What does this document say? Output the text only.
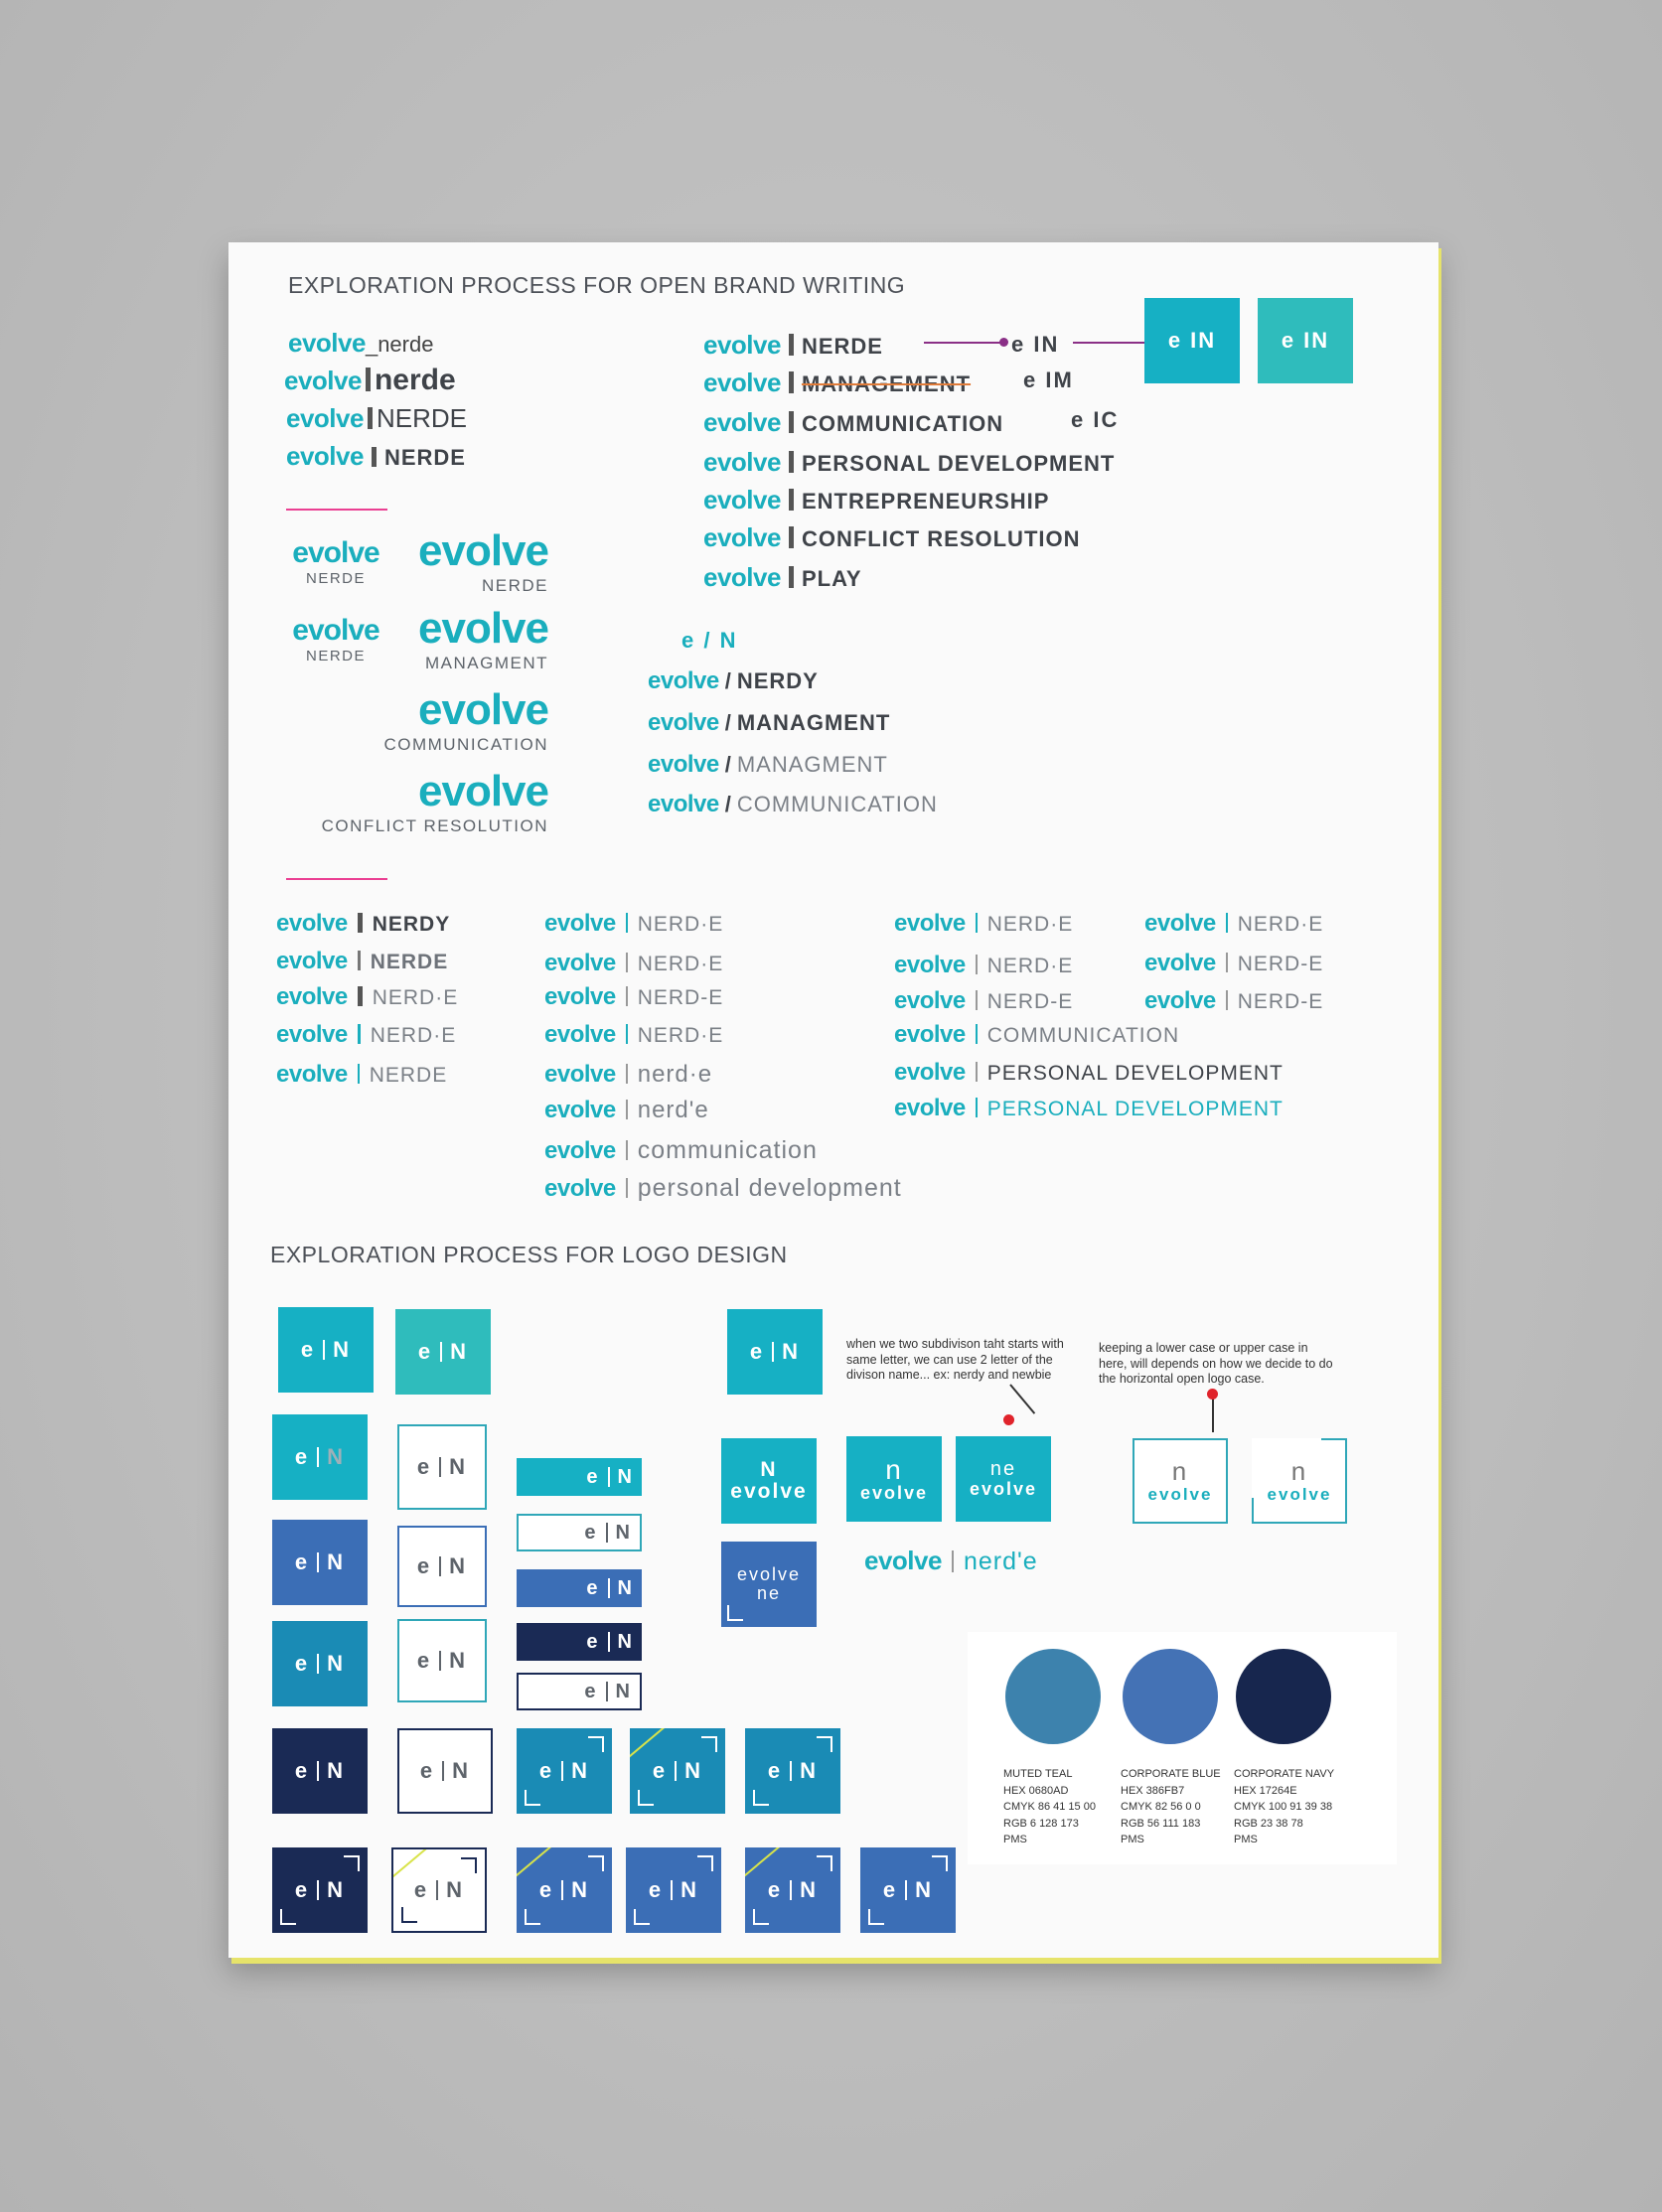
EXPLORATION PROCESS FOR OPEN BRAND WRITING
evolve_nerde
evolve nerde
evolve NERDE
evolve NERDE
e IN
e IM
e IC
e IN	e IN
evolve
NERDE
evolve
NERDE
evolve
NERDE
evolve
MANAGMENT
evolve
COMMUNICATION
evolve
CONFLICT RESOLUTION
e / N
EXPLORATION PROCESS FOR LOGO DESIGN
N
evolve
evolve
ne
n
evolve
ne
evolve
n
evolve
n
evolve
when we two subdivison taht starts with same letter, we can use 2 letter of the divison name... ex: nerdy and newbie
keeping a lower case or upper case in here, will depends on how we decide to do the horizontal open logo case.
evolve nerd'e
evolve NERDE
evolve MANAGEMENT
evolve COMMUNICATION
evolve PERSONAL DEVELOPMENT
evolve ENTREPRENEURSHIP
evolve CONFLICT RESOLUTION
evolve PLAY
evolve / NERDY
evolve / MANAGMENT
evolve / MANAGMENT
evolve / COMMUNICATION
evolve NERDY
evolve NERDE
evolve NERD·E
evolve NERD·E
evolve NERDE
evolve NERD·E
evolve NERD·E
evolve NERD-E
evolve NERD·E
evolve nerd·e
evolve nerd'e
evolve communication
evolve personal development
evolve NERD·E
evolve NERD·E
evolve NERD-E
evolve COMMUNICATION
evolve PERSONAL DEVELOPMENT
evolve PERSONAL DEVELOPMENT
evolve NERD·E
evolve NERD-E
evolve NERD-E
e N	e N
e N	e N
e N	e N
e N	e N
e N	e N
e N	e N
e N
e N
e N
e N
e N
e N
e N	e N	e N
e N	e N	e N	e N
MUTED TEAL
HEX 0680AD
CMYK 86 41 15 00
RGB 6 128 173
PMS
CORPORATE BLUE
HEX 386FB7
CMYK 82 56 0 0
RGB 56 111 183
PMS
CORPORATE NAVY
HEX 17264E
CMYK 100 91 39 38
RGB 23 38 78
PMS
